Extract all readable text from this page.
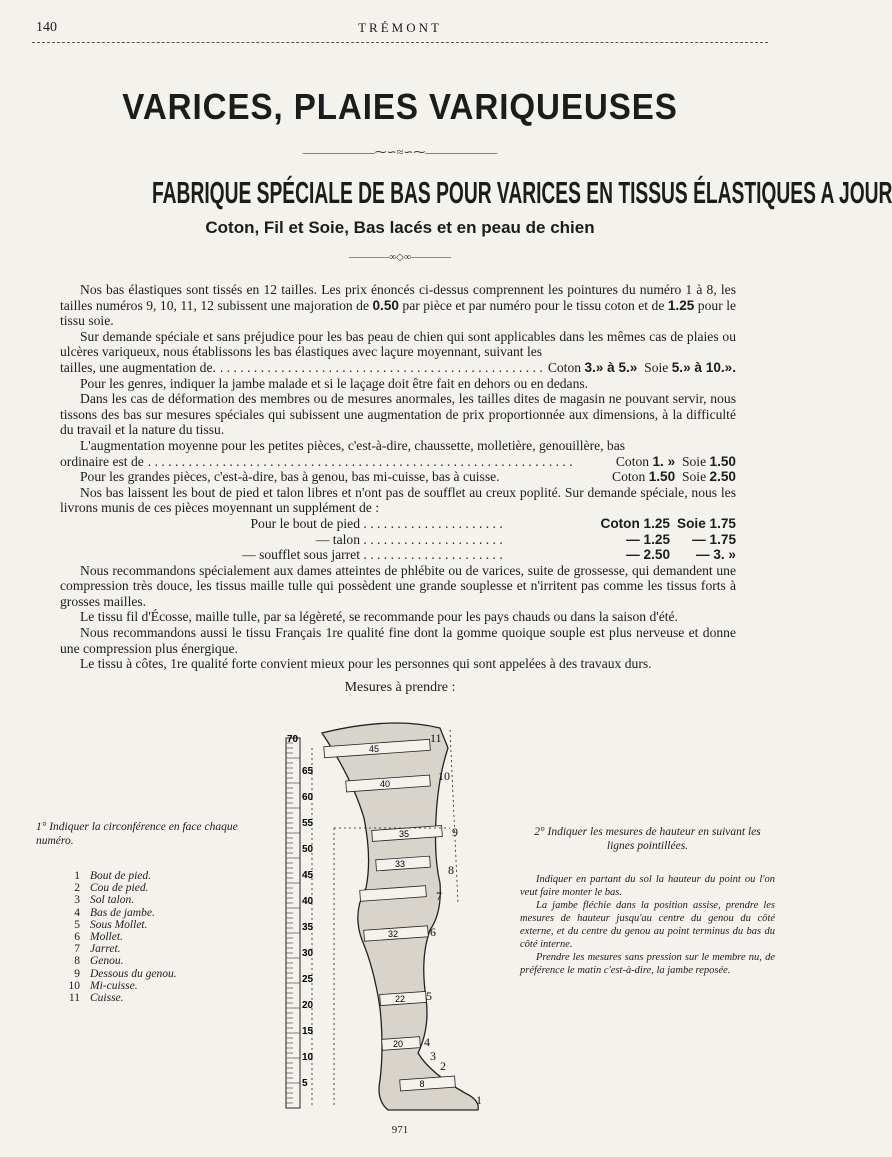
140	TRÉMONT
VARICES, PLAIES VARIQUEUSES
——————⁓∽≈∽⁓——————
FABRIQUE SPÉCIALE DE BAS POUR VARICES EN TISSUS ÉLASTIQUES A JOUR
Coton, Fil et Soie, Bas lacés et en peau de chien
————∞◇∞————

Nos bas élastiques sont tissés en 12 tailles. Les prix énoncés ci-dessus comprennent les pointures du numéro 1 à 8, les tailles numéros 9, 10, 11, 12 subissent une majoration de 0.50 par pièce et par numéro pour le tissu coton et de 1.25 pour le tissu soie.

Sur demande spéciale et sans préjudice pour les bas peau de chien qui sont applicables dans les mêmes cas de plaies ou ulcères variqueux, nous établissons les bas élastiques avec laçure moyennant, suivant les

tailles, une augmentation de. . . . . . . . . . . . . . . . . . . . . . . . . . . . . . . . . . . . . . . . . . . . . . . . . Coton 3.» à 5.» Soie 5.» à 10.».

Pour les genres, indiquer la jambe malade et si le laçage doit être fait en dehors ou en dedans.

Dans les cas de déformation des membres ou de mesures anormales, les tailles dites de magasin ne pouvant servir, nous tissons des bas sur mesures spéciales qui subissent une augmentation de prix proportionnée aux dimensions, à la difficulté du travail et la nature du tissu.

L'augmentation moyenne pour les petites pièces, c'est-à-dire, chaussette, molletière, genouillère, bas

ordinaire est de . . . . . . . . . . . . . . . . . . . . . . . . . . . . . . . . . . . . . . . . . . . . . . . . . . . . . . . . . . . . . . .	Coton 1. » Soie 1.50
Pour les grandes pièces, c'est-à-dire, bas à genou, bas mi-cuisse, bas à cuisse.	Coton 1.50 Soie 2.50

Nos bas laissent les bout de pied et talon libres et n'ont pas de soufflet au creux poplité. Sur demande spéciale, nous les livrons munis de ces pièces moyennant un supplément de :

Pour le bout de pied . . . . . . . . . . . . . . . . . . . . .	Coton 1.25 Soie 1.75
— talon . . . . . . . . . . . . . . . . . . . . .	— 1.25	— 1.75
— soufflet sous jarret . . . . . . . . . . . . . . . . . . . . .	— 2.50	— 3. »

Nous recommandons spécialement aux dames atteintes de phlébite ou de varices, suite de grossesse, qui demandent une compression très douce, les tissus maille tulle qui possèdent une grande souplesse et n'irritent pas comme les tissus forts à grosses mailles.

Le tissu fil d'Écosse, maille tulle, par sa légèreté, se recommande pour les pays chauds ou dans la saison d'été.

Nous recommandons aussi le tissu Français 1re qualité fine dont la gomme quoique souple est plus nerveuse et donne une compression plus énergique.

Le tissu à côtes, 1re qualité forte convient mieux pour les personnes qui sont appelées à des travaux durs.

Mesures à prendre :
1° Indiquer la circonférence en face chaque numéro.
1 Bout de pied.
2 Cou de pied.
3 Sol talon.
4 Bas de jambe.
5 Sous Mollet.
6 Mollet.
7 Jarret.
8 Genou.
9 Dessous du genou.
10 Mi-cuisse.
11 Cuisse.
2° Indiquer les mesures de hauteur en suivant les lignes pointillées.

Indiquer en partant du sol la hauteur du point ou l'on veut faire monter le bas.

La jambe fléchie dans la position assise, prendre les mesures de hauteur jusqu'au centre du genou du côté externe, et du centre du genou au point terminus du bas du côté interne.

Prendre les mesures sans pression sur le membre nu, de préférence le matin c'est-à-dire, la jambe reposée.

70
65
60
55
50
45
40
35
30
25
20
15
10
5
45
40
35
33
32
22
20
8
11
10
9
8
7
6
5
4
3
2
1
971
